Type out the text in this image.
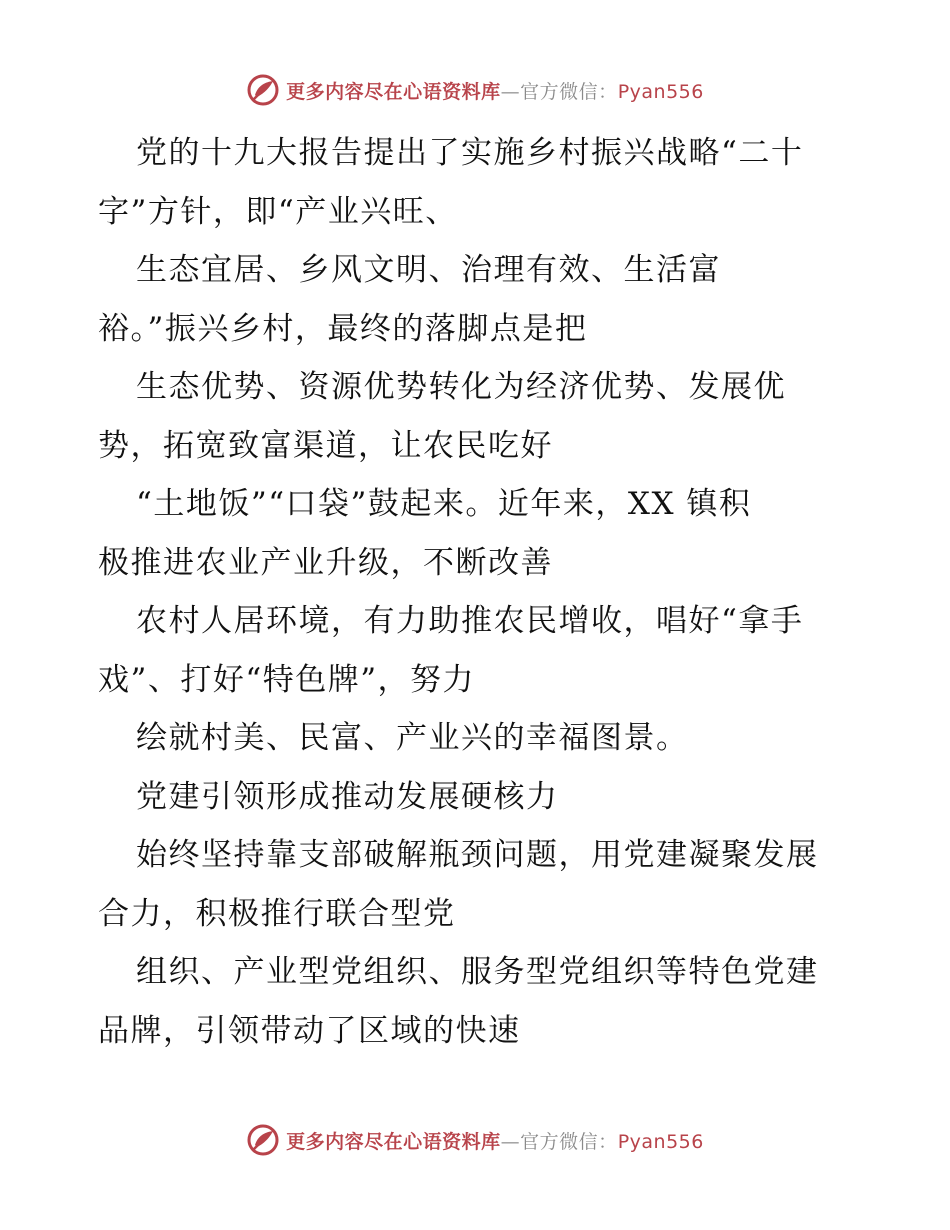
更多内容尽在心语资料库—官方微信：Pyan556
党的十九大报告提出了实施乡村振兴战略“二十
字”方针，即“产业兴旺、
生态宜居、乡风文明、治理有效、生活富
裕。”振兴乡村，最终的落脚点是把
生态优势、资源优势转化为经济优势、发展优
势，拓宽致富渠道，让农民吃好
“土地饭”“口袋”鼓起来。近年来，XX 镇积
极推进农业产业升级，不断改善
农村人居环境，有力助推农民增收，唱好“拿手
戏”、打好“特色牌”，努力
绘就村美、民富、产业兴的幸福图景。
党建引领形成推动发展硬核力
始终坚持靠支部破解瓶颈问题，用党建凝聚发展
合力，积极推行联合型党
组织、产业型党组织、服务型党组织等特色党建
品牌，引领带动了区域的快速
更多内容尽在心语资料库—官方微信：Pyan556
